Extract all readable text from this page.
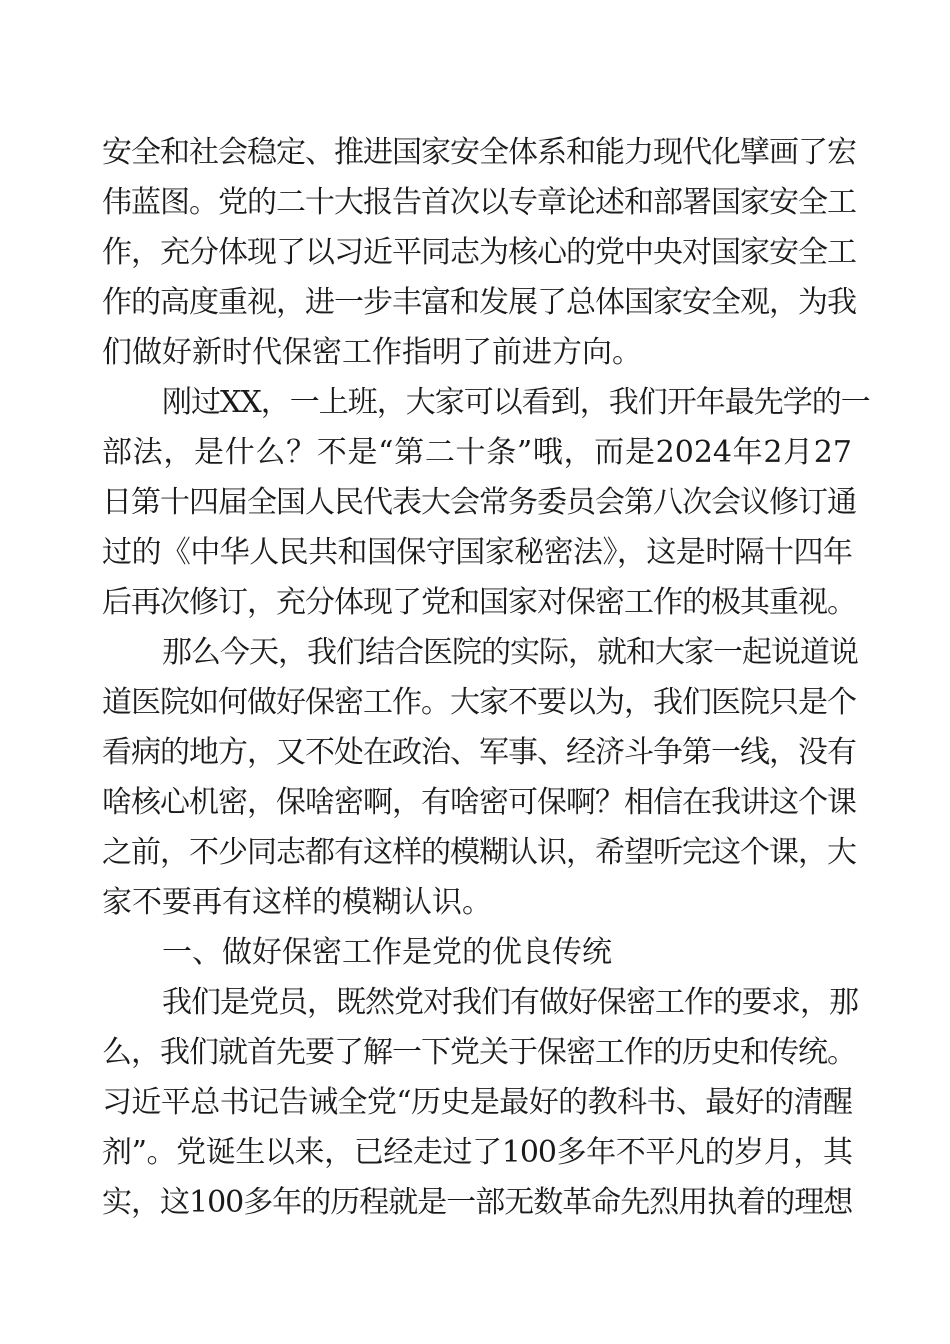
安全和社会稳定、推进国家安全体系和能力现代化擘画了宏
伟蓝图。党的二十大报告首次以专章论述和部署国家安全工
作，充分体现了以习近平同志为核心的党中央对国家安全工
作的高度重视，进一步丰富和发展了总体国家安全观，为我
们做好新时代保密工作指明了前进方向。
刚过XX，一上班，大家可以看到，我们开年最先学的一
部法，是什么？不是“第二十条”哦，而是2024年2月27
日第十四届全国人民代表大会常务委员会第八次会议修订通
过的《中华人民共和国保守国家秘密法》，这是时隔十四年
后再次修订，充分体现了党和国家对保密工作的极其重视。
那么今天，我们结合医院的实际，就和大家一起说道说
道医院如何做好保密工作。大家不要以为，我们医院只是个
看病的地方，又不处在政治、军事、经济斗争第一线，没有
啥核心机密，保啥密啊，有啥密可保啊？相信在我讲这个课
之前，不少同志都有这样的模糊认识，希望听完这个课，大
家不要再有这样的模糊认识。
一、做好保密工作是党的优良传统
我们是党员，既然党对我们有做好保密工作的要求，那
么，我们就首先要了解一下党关于保密工作的历史和传统。
习近平总书记告诫全党“历史是最好的教科书、最好的清醒
剂”。党诞生以来，已经走过了100多年不平凡的岁月，其
实，这100多年的历程就是一部无数革命先烈用执着的理想
